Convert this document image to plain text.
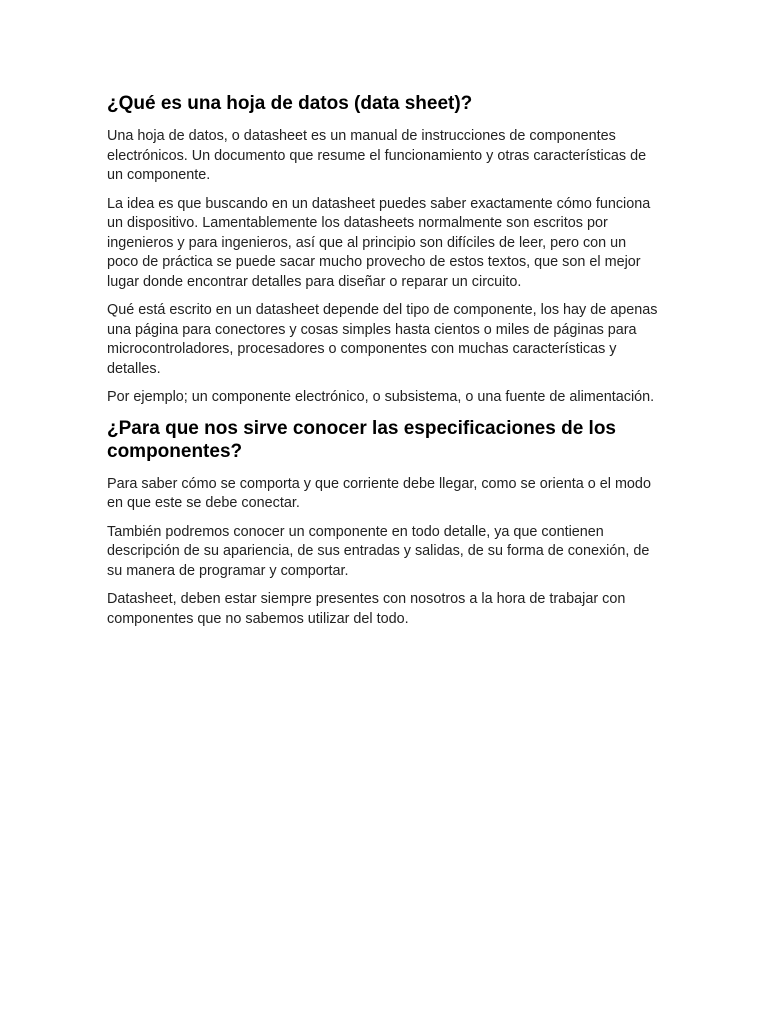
¿Qué es una hoja de datos (data sheet)?

Una hoja de datos, o datasheet es un manual de instrucciones de componentes electrónicos. Un documento que resume el funcionamiento y otras características de un componente.

La idea es que buscando en un datasheet puedes saber exactamente cómo funciona un dispositivo. Lamentablemente los datasheets normalmente son escritos por ingenieros y para ingenieros, así que al principio son difíciles de leer, pero con un poco de práctica se puede sacar mucho provecho de estos textos, que son el mejor lugar donde encontrar detalles para diseñar o reparar un circuito.

Qué está escrito en un datasheet depende del tipo de componente, los hay de apenas una página para conectores y cosas simples hasta cientos o miles de páginas para microcontroladores, procesadores o componentes con muchas características y detalles.

Por ejemplo; un componente electrónico, o subsistema, o una fuente de alimentación.

¿Para que nos sirve conocer las especificaciones de los componentes?

Para saber cómo se comporta y que corriente debe llegar, como se orienta o el modo en que este se debe conectar.

También podremos conocer un componente en todo detalle, ya que contienen descripción de su apariencia, de sus entradas y salidas, de su forma de conexión, de su manera de programar y comportar.

Datasheet, deben estar siempre presentes con nosotros a la hora de trabajar con componentes que no sabemos utilizar del todo.
